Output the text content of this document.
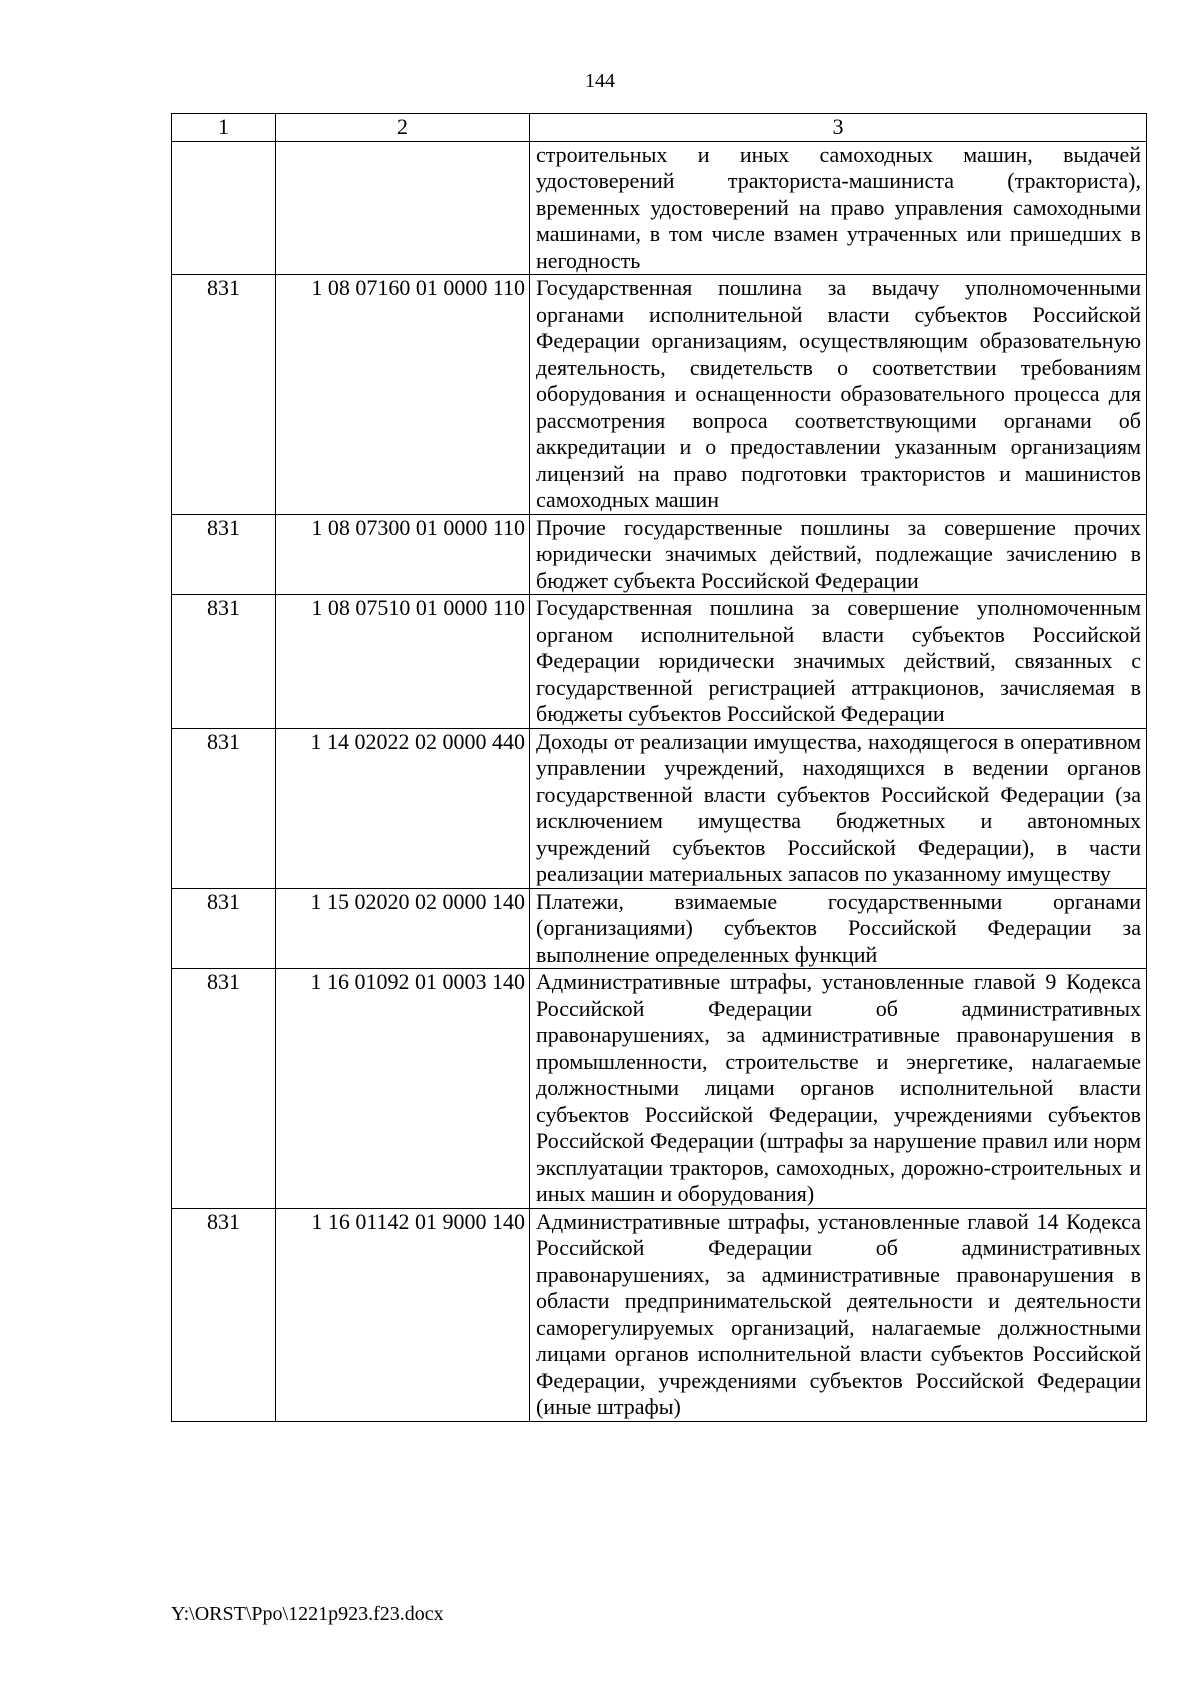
144
1	2	3
		строительных и иных самоходных машин, выдачей удостоверений тракториста-машиниста (тракториста), временных удостоверений на право управления самоходными машинами, в том числе взамен утраченных или пришедших в негодность
831	1 08 07160 01 0000 110	Государственная пошлина за выдачу уполномоченными органами исполнительной власти субъектов Российской Федерации организациям, осуществляющим образовательную деятельность, свидетельств о соответствии требованиям оборудования и оснащенности образовательного процесса для рассмотрения вопроса соответствующими органами об аккредитации и о предоставлении указанным организациям лицензий на право подготовки трактористов и машинистов самоходных машин
831	1 08 07300 01 0000 110	Прочие государственные пошлины за совершение прочих юридически значимых действий, подлежащие зачислению в бюджет субъекта Российской Федерации
831	1 08 07510 01 0000 110	Государственная пошлина за совершение уполномоченным органом исполнительной власти субъектов Российской Федерации юридически значимых действий, связанных с государственной регистрацией аттракционов, зачисляемая в бюджеты субъектов Российской Федерации
831	1 14 02022 02 0000 440	Доходы от реализации имущества, находящегося в оперативном управлении учреждений, находящихся в ведении органов государственной власти субъектов Российской Федерации (за исключением имущества бюджетных и автономных учреждений субъектов Российской Федерации), в части реализации материальных запасов по указанному имуществу
831	1 15 02020 02 0000 140	Платежи, взимаемые государственными органами (организациями) субъектов Российской Федерации за выполнение определенных функций
831	1 16 01092 01 0003 140	Административные штрафы, установленные главой 9 Кодекса Российской Федерации об административных правонарушениях, за административные правонарушения в промышленности, строительстве и энергетике, налагаемые должностными лицами органов исполнительной власти субъектов Российской Федерации, учреждениями субъектов Российской Федерации (штрафы за нарушение правил или норм эксплуатации тракторов, самоходных, дорожно-строительных и иных машин и оборудования)
831	1 16 01142 01 9000 140	Административные штрафы, установленные главой 14 Кодекса Российской Федерации об административных правонарушениях, за административные правонарушения в области предпринимательской деятельности и деятельности саморегулируемых организаций, налагаемые должностными лицами органов исполнительной власти субъектов Российской Федерации, учреждениями субъектов Российской Федерации (иные штрафы)
Y:\ORST\Ppo\1221p923.f23.docx
